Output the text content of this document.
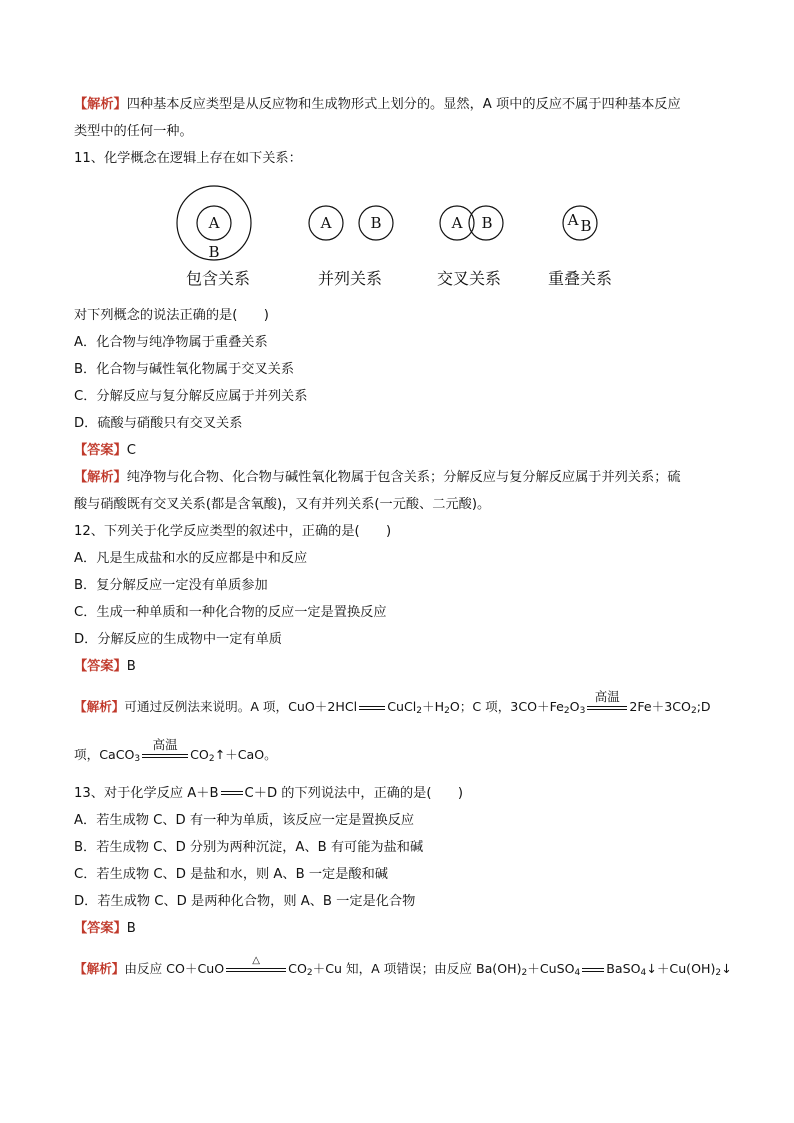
【解析】四种基本反应类型是从反应物和生成物形式上划分的。显然，A 项中的反应不属于四种基本反应
类型中的任何一种。
11、化学概念在逻辑上存在如下关系：
A
B
包含关系
A	B
并列关系
A B
交叉关系
A B
重叠关系
对下列概念的说法正确的是(　　)
A．化合物与纯净物属于重叠关系
B．化合物与碱性氧化物属于交叉关系
C．分解反应与复分解反应属于并列关系
D．硫酸与硝酸只有交叉关系
【答案】C
【解析】纯净物与化合物、化合物与碱性氧化物属于包含关系；分解反应与复分解反应属于并列关系；硫
酸与硝酸既有交叉关系(都是含氧酸)，又有并列关系(一元酸、二元酸)。
12、下列关于化学反应类型的叙述中，正确的是(　　)
A．凡是生成盐和水的反应都是中和反应
B．复分解反应一定没有单质参加
C．生成一种单质和一种化合物的反应一定是置换反应
D．分解反应的生成物中一定有单质
【答案】B
【解析】可通过反例法来说明。A 项，CuO＋2HCl $CuCl_2+H_2O$；C 项，$3CO+Fe_2O_3$
高温
$2Fe+3CO_2;D$
项，CaCO$_3$
高温
$CO_2↑+CaO$。
13、对于化学反应 A＋B C＋D 的下列说法中，正确的是(　　)
A．若生成物 C、D 有一种为单质，该反应一定是置换反应
B．若生成物 C、D 分别为两种沉淀，A、B 有可能为盐和碱
C．若生成物 C、D 是盐和水，则 A、B 一定是酸和碱
D．若生成物 C、D 是两种化合物，则 A、B 一定是化合物
【答案】B
【解析】由反应 CO＋CuO
△
$CO_2+Cu$ 知，A 项错误；由反应 $Ba(OH)_2+CuSO_4$ $BaSO_4↓+Cu(OH)_2↓$
